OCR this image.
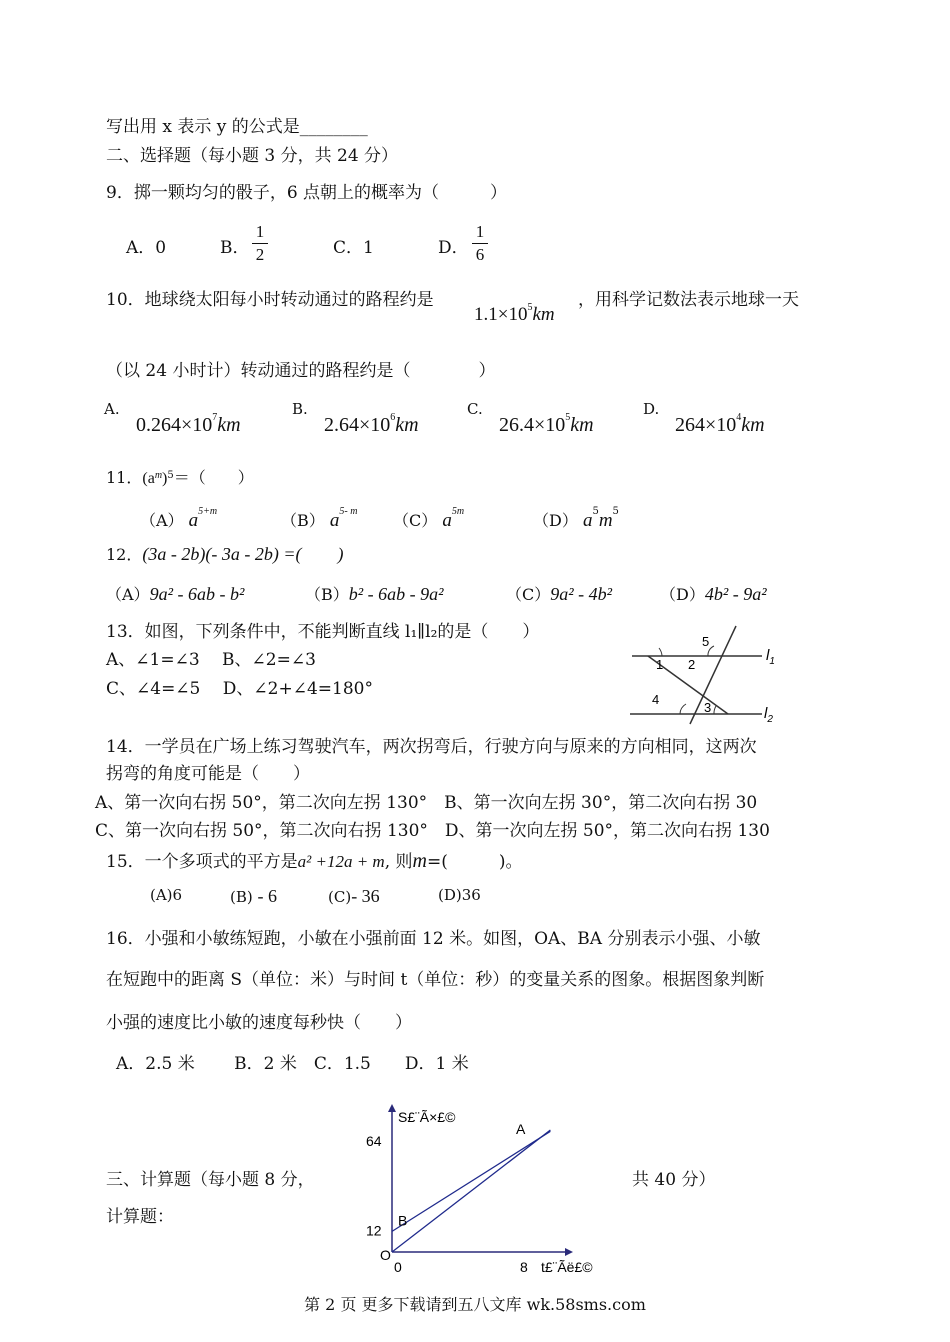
写出用 x 表示 y 的公式是________
二、选择题（每小题 3 分，共 24 分）
9．掷一颗均匀的骰子，6 点朝上的概率为（　　　）
A．0	B．
1
2	C．1	D．
1
6
10．地球绕太阳每小时转动通过的路程约是
$1.1\times 10^5km$
，用科学记数法表示地球一天
（以 24 小时计）转动通过的路程约是（　　　　）
A.
$0.264\times 10^7km$
B.
$2.64\times 10^6km$
C.
$26.4\times 10^5km$
D.
$264\times 10^4km$
11．$(a^m)^5=$（　　）
（A） $a^{5+m}$	（B） $a^{5- m}$ （C） $a^{5m}$	（D） $a^5m^5$
12．(3a - 2b)(- 3a - 2b) =(　　)
（A）9a² - 6ab - b²	（B）b² - 6ab - 9a²	（C）9a² - 4b²	（D）4b² - 9a²
13．如图，下列条件中，不能判断直线 l₁∥l₂的是（　　）
A、∠1=∠3　 B、∠2=∠3
C、∠4=∠5　 D、∠2+∠4=180°
1 2
5
4
3
$l_1$
$l_2$
14．一学员在广场上练习驾驶汽车，两次拐弯后，行驶方向与原来的方向相同，这两次
拐弯的角度可能是（　　）
A、第一次向右拐 50°，第二次向左拐 130°　B、第一次向左拐 30°，第二次向右拐 30
C、第一次向右拐 50°，第二次向右拐 130°　D、第一次向左拐 50°，第二次向右拐 130
15．一个多项式的平方是a² +12a + m, 则m=(　　　)。
(A)6	(B) - 6	(C)- 36	(D)36
16．小强和小敏练短跑，小敏在小强前面 12 米。如图，OA、BA 分别表示小强、小敏
在短跑中的距离 S（单位：米）与时间 t（单位：秒）的变量关系的图象。根据图象判断
小强的速度比小敏的速度每秒快（　　）
A．2.5 米　　 B．2 米　C．1.5　　D．1 米
三、计算题（每小题 8 分，	共 40 分）
计算题：
S£¨Ã×£©
t£¨Ãë£©
O
0	8
12
64
A
B
第 2 页 更多下载请到五八文库 wk.58sms.com
